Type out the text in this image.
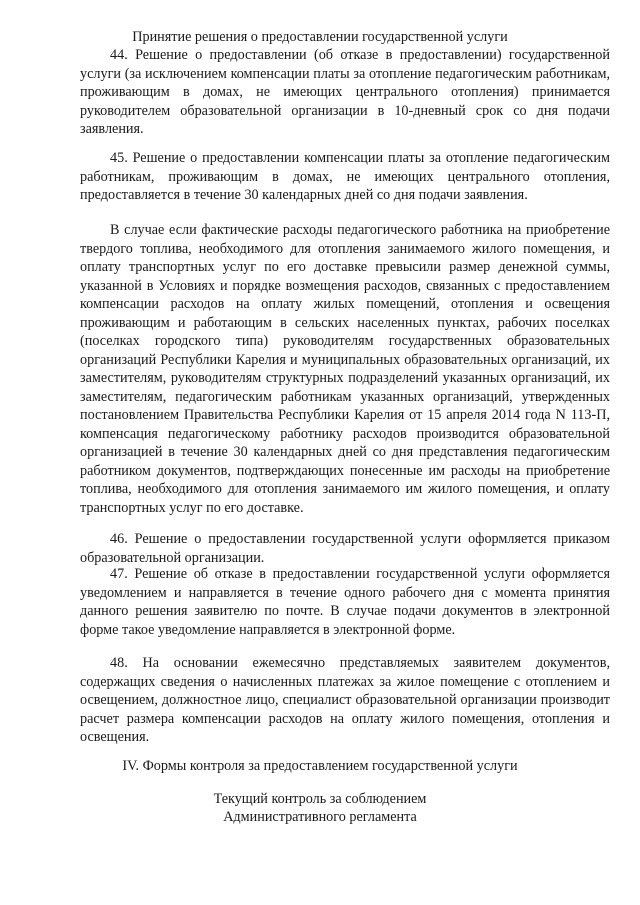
Принятие решения о предоставлении государственной услуги

44. Решение о предоставлении (об отказе в предоставлении) государственной услуги (за исключением компенсации платы за отопление педагогическим работникам, проживающим в домах, не имеющих центрального отопления) принимается руководителем образовательной организации в 10-дневный срок со дня подачи заявления.

45. Решение о предоставлении компенсации платы за отопление педагогическим работникам, проживающим в домах, не имеющих центрального отопления, предоставляется в течение 30 календарных дней со дня подачи заявления.

В случае если фактические расходы педагогического работника на приобретение твердого топлива, необходимого для отопления занимаемого жилого помещения, и оплату транспортных услуг по его доставке превысили размер денежной суммы, указанной в Условиях и порядке возмещения расходов, связанных с предоставлением компенсации расходов на оплату жилых помещений, отопления и освещения проживающим и работающим в сельских населенных пунктах, рабочих поселках (поселках городского типа) руководителям государственных образовательных организаций Республики Карелия и муниципальных образовательных организаций, их заместителям, руководителям структурных подразделений указанных организаций, их заместителям, педагогическим работникам указанных организаций, утвержденных постановлением Правительства Республики Карелия от 15 апреля 2014 года N 113-П, компенсация педагогическому работнику расходов производится образовательной организацией в течение 30 календарных дней со дня представления педагогическим работником документов, подтверждающих понесенные им расходы на приобретение топлива, необходимого для отопления занимаемого им жилого помещения, и оплату транспортных услуг по его доставке.

46. Решение о предоставлении государственной услуги оформляется приказом образовательной организации.

47. Решение об отказе в предоставлении государственной услуги оформляется уведомлением и направляется в течение одного рабочего дня с момента принятия данного решения заявителю по почте. В случае подачи документов в электронной форме такое уведомление направляется в электронной форме.

48. На основании ежемесячно представляемых заявителем документов, содержащих сведения о начисленных платежах за жилое помещение с отоплением и освещением, должностное лицо, специалист образовательной организации производит расчет размера компенсации расходов на оплату жилого помещения, отопления и освещения.

IV. Формы контроля за предоставлением государственной услуги
Текущий контроль за соблюдением
Административного регламента
